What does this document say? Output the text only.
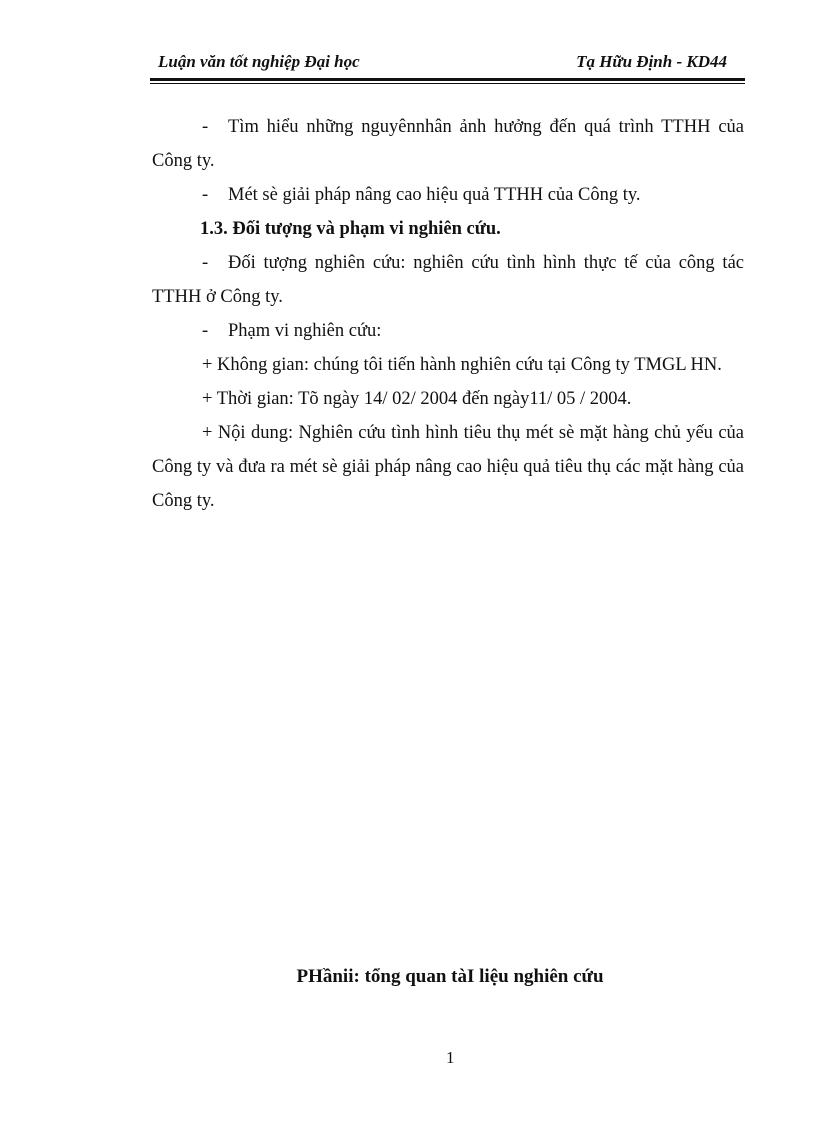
Luận văn tốt nghiệp Đại học	Tạ Hữu Định - KD44

- Tìm hiểu những nguyênnhân ảnh hưởng đến quá trình TTHH của Công ty.

- Mét sè giải pháp nâng cao hiệu quả TTHH của Công ty.

1.3. Đối tượng và phạm vi nghiên cứu.

- Đối tượng nghiên cứu: nghiên cứu tình hình thực tế của công tác TTHH ở Công ty.

- Phạm vi nghiên cứu:

+ Không gian: chúng tôi tiến hành nghiên cứu tại Công ty TMGL HN.

+ Thời gian: Tõ ngày 14/ 02/ 2004 đến ngày11/ 05 / 2004.

+ Nội dung: Nghiên cứu tình hình tiêu thụ mét sè mặt hàng chủ yếu của Công ty và đưa ra mét sè giải pháp nâng cao hiệu quả tiêu thụ các mặt hàng của Công ty.

PHầnii: tổng quan tàI liệu nghiên cứu
1
